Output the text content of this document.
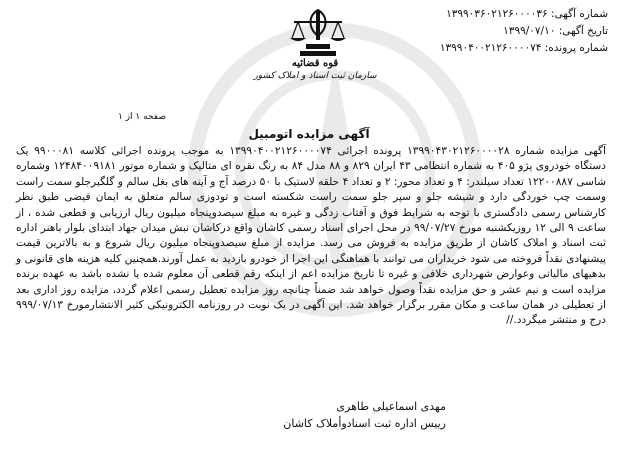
شماره آگهی: ۱۳۹۹۰۳۶۰۲۱۲۶۰۰۰۰۳۶
تاریخ آگهی: ۱۳۹۹/۰۷/۱۰
شماره پرونده: ۱۳۹۹۰۴۰۰۲۱۲۶۰۰۰۰۷۴
قوه قضائیه
سازمان ثبت اسناد و املاک کشور
صفحه ۱ از ۱
آگهی مزایده اتومبیل

آگهی مزایده شماره ۱۳۹۹۰۴۳۰۲۱۲۶۰۰۰۰۲۸ پرونده اجرائی ۱۳۹۹۰۴۰۰۲۱۲۶۰۰۰۰۷۴ به موجب پرونده اجرائی کلاسه ۹۹۰۰۰۸۱ یک دستگاه خودروی پژو ۴۰۵ به شماره انتظامی ۴۳ ایران ۸۲۹ و ۸۸ مدل ۸۴ به رنگ نقره ای متالیک و شماره موتور ۱۲۴۸۴۰۰۹۱۸۱ وشماره شاسی ۱۲۲۰۰۸۸۷ تعداد سیلندر: ۴ و تعداد محور: ۲ و تعداد ۴ حلقه لاستیک با ۵۰ درصد آج و آینه های بغل سالم و گلگیرجلو سمت راست وسمت چپ خوردگی دارد و شیشه جلو و سپر جلو سمت راست شکسته است و تودوزی سالم متعلق به ایمان فیضی طبق نظر کارشناس رسمی دادگستری با توجه به شرایط فوق و آفتاب زدگی و غیره به مبلغ سیصدوپنجاه میلیون ریال ارزیابی و قطعی شده ، از ساعت ۹ الی ۱۲ روزیکشنبه مورخ ۹۹/۰۷/۲۷ در محل اجرای اسناد رسمی کاشان واقع درکاشان نبش میدان جهاد ابتدای بلوار باهنر اداره ثبت اسناد و املاک کاشان از طریق مزایده به فروش می رسد. مزایده از مبلغ سیصدوپنجاه میلیون ریال شروع و به بالاترین قیمت پیشنهادی نقداً فروخته می شود خریداران می توانند با هماهنگی این اجرا از خودرو بازدید به عمل آورند.همچنین کلیه هزینه های قانونی و بدهیهای مالیاتی وعوارض شهرداری خلافی و غیره تا تاریخ مزایده اعم از اینکه رقم قطعی آن معلوم شده یا نشده باشد به عهده برنده مزایده است و نیم عشر و حق مزایده نقداً وصول خواهد شد ضمناً چنانچه روز مزایده تعطیل رسمی اعلام گردد، مزایده روز اداری بعد از تعطیلی در همان ساعت و مکان مقرر برگزار خواهد شد. این آگهی در یک نوبت در روزنامه الکترونیکی کثیر الانتشارمورخ ۹۹۹/۰۷/۱۳ درج و منتشر میگردد.//

مهدی اسماعیلی طاهری
رییس اداره ثبت اسنادوأملاک کاشان
